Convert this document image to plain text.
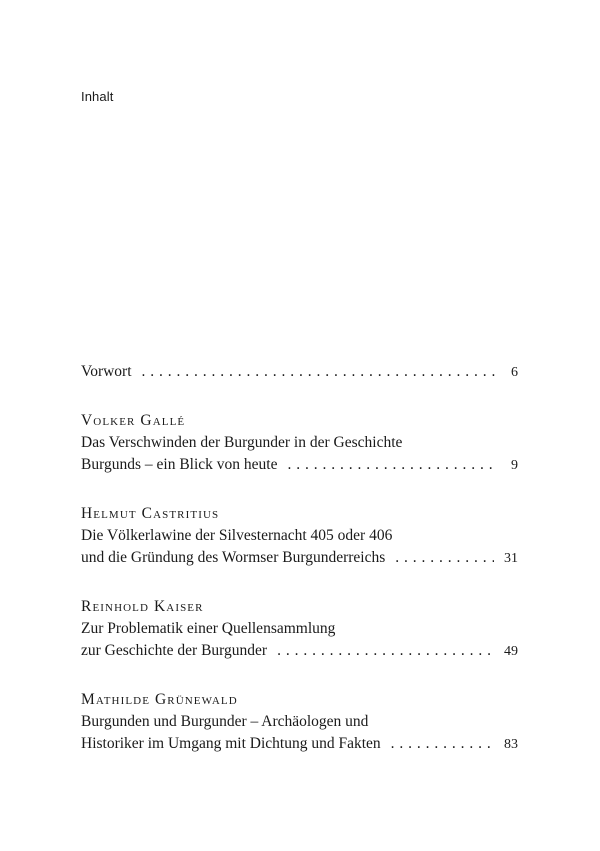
Inhalt
Vorwort . . .	6
Volker Gallé
Das Verschwinden der Burgunder in der Geschichte
Burgunds – ein Blick von heute . . .	9
Helmut Castritius
Die Völkerlawine der Silvesternacht 405 oder 406
und die Gründung des Wormser Burgunderreichs . . .	31
Reinhold Kaiser
Zur Problematik einer Quellensammlung
zur Geschichte der Burgunder . . .	49
Mathilde Grünewald
Burgunden und Burgunder – Archäologen und
Historiker im Umgang mit Dichtung und Fakten . . .	83
